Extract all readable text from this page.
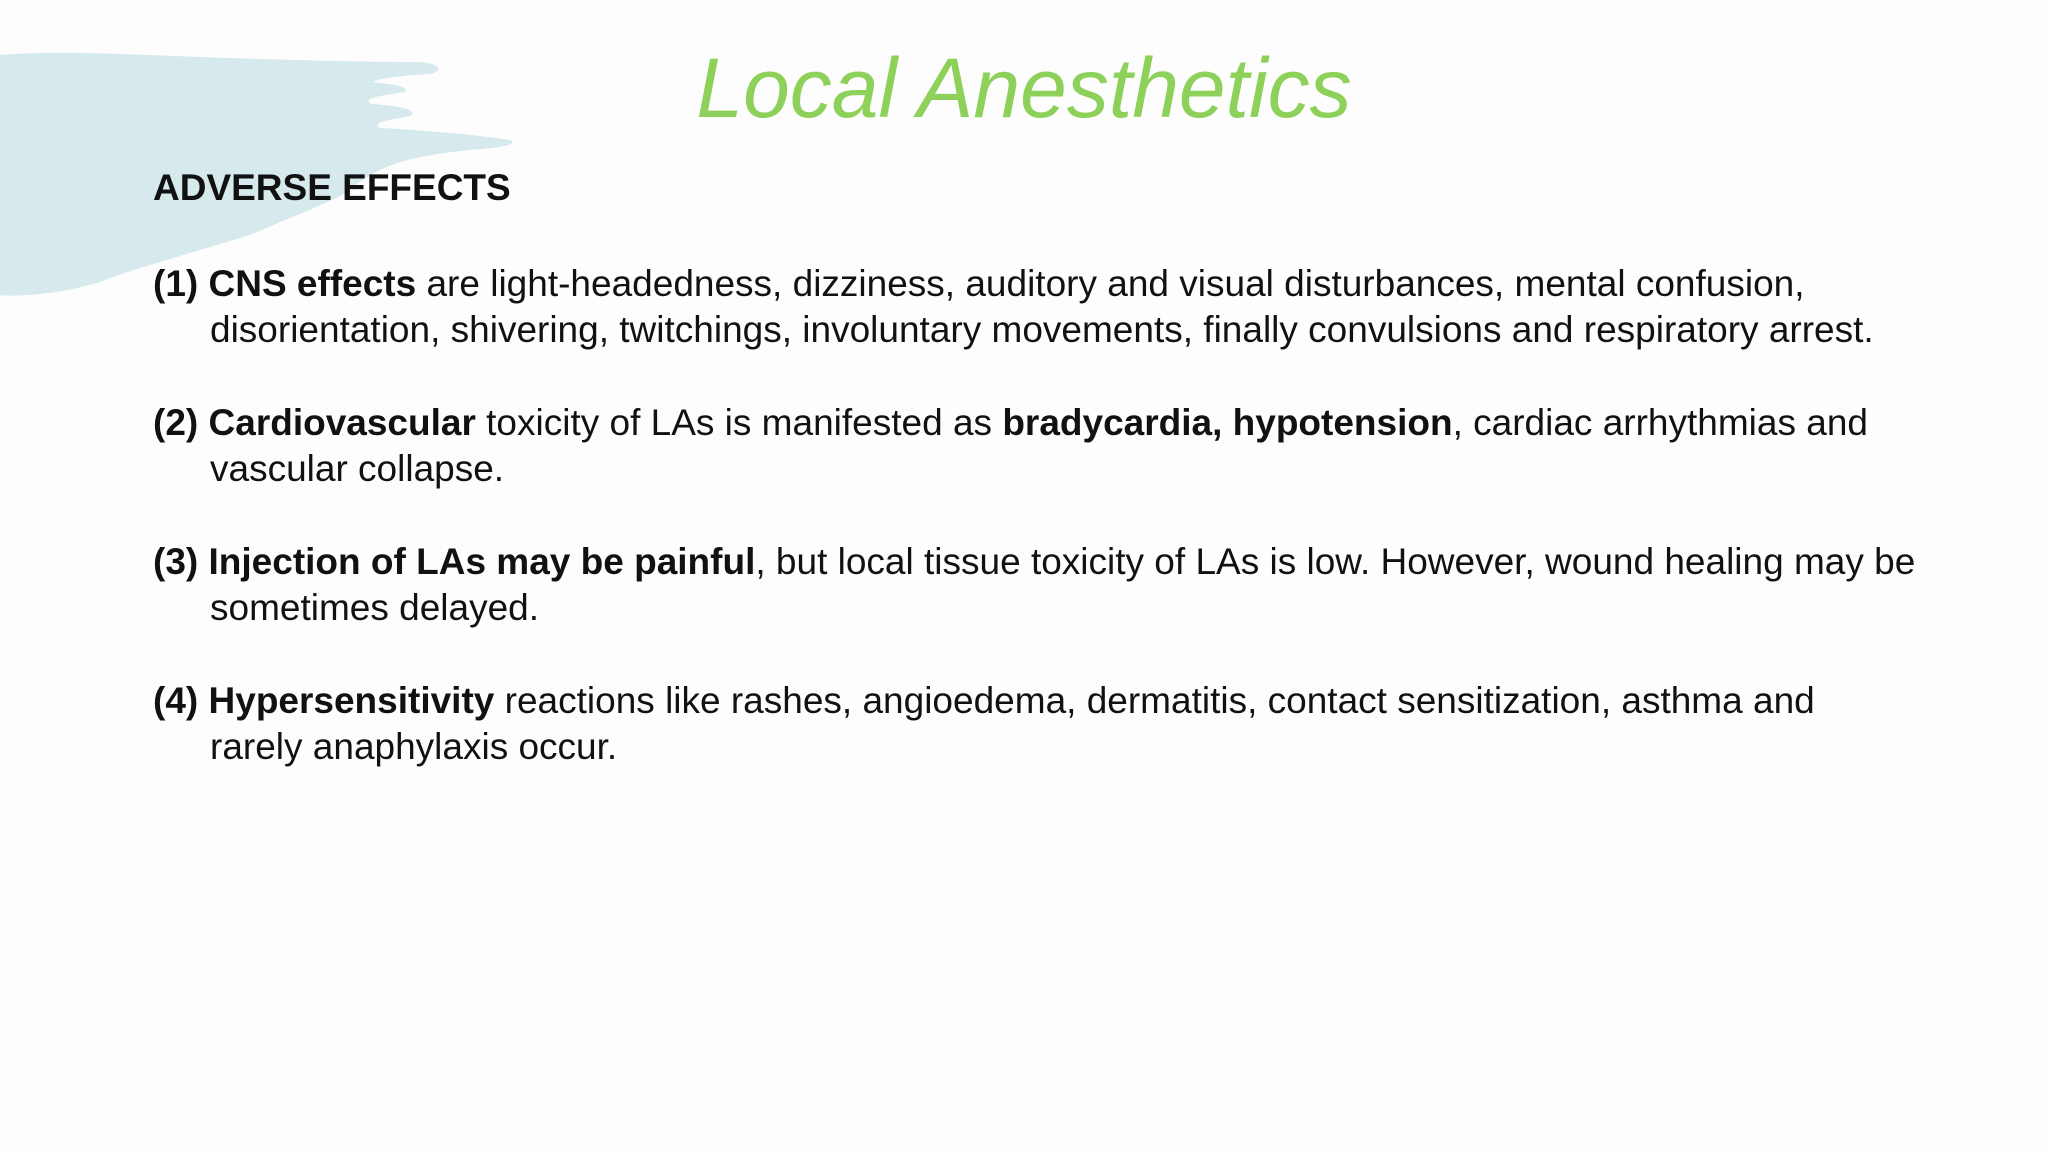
Local Anesthetics
ADVERSE EFFECTS
(1) CNS effects are light-headedness, dizziness, auditory and visual disturbances, mental confusion,
disorientation, shivering, twitchings, involuntary movements, finally convulsions and respiratory arrest.
(2) Cardiovascular toxicity of LAs is manifested as bradycardia, hypotension, cardiac arrhythmias and
vascular collapse.
(3) Injection of LAs may be painful, but local tissue toxicity of LAs is low. However, wound healing may be
sometimes delayed.
(4) Hypersensitivity reactions like rashes, angioedema, dermatitis, contact sensitization, asthma and
rarely anaphylaxis occur.
